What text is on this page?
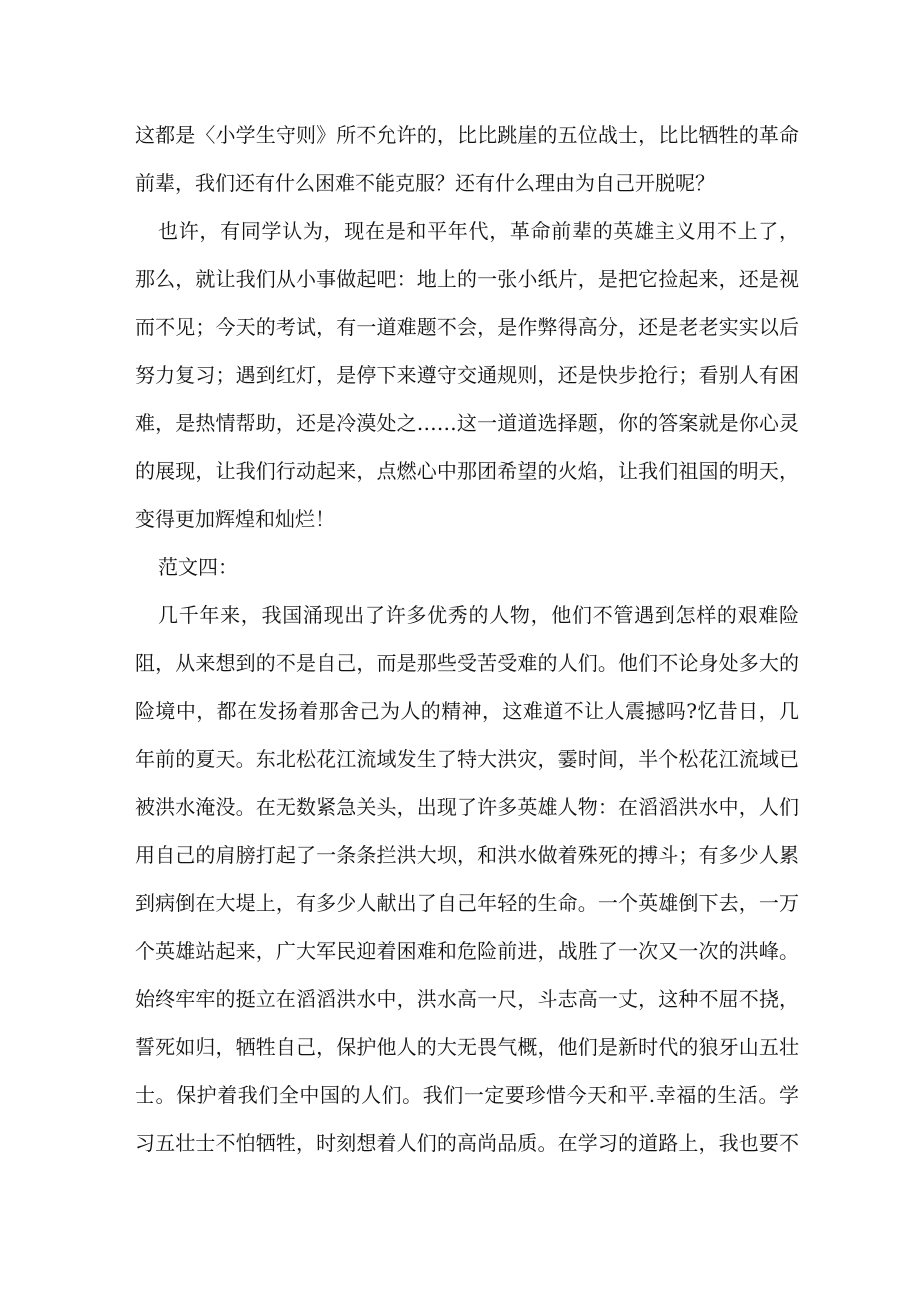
这都是〈小学生守则》所不允许的，比比跳崖的五位战士，比比牺牲的革命
前辈，我们还有什么困难不能克服？还有什么理由为自己开脱呢？
也许，有同学认为，现在是和平年代，革命前辈的英雄主义用不上了，
那么，就让我们从小事做起吧：地上的一张小纸片，是把它捡起来，还是视
而不见；今天的考试，有一道难题不会，是作弊得高分，还是老老实实以后
努力复习；遇到红灯，是停下来遵守交通规则，还是快步抢行；看别人有困
难，是热情帮助，还是冷漠处之……这一道道选择题，你的答案就是你心灵
的展现，让我们行动起来，点燃心中那团希望的火焰，让我们祖国的明天，
变得更加辉煌和灿烂！
范文四：
几千年来，我国涌现出了许多优秀的人物，他们不管遇到怎样的艰难险
阻，从来想到的不是自己，而是那些受苦受难的人们。他们不论身处多大的
险境中，都在发扬着那舍己为人的精神，这难道不让人震撼吗?忆昔日，几
年前的夏天。东北松花江流域发生了特大洪灾，霎时间，半个松花江流域已
被洪水淹没。在无数紧急关头，出现了许多英雄人物：在滔滔洪水中，人们
用自己的肩膀打起了一条条拦洪大坝，和洪水做着殊死的搏斗；有多少人累
到病倒在大堤上，有多少人献出了自己年轻的生命。一个英雄倒下去，一万
个英雄站起来，广大军民迎着困难和危险前进，战胜了一次又一次的洪峰。
始终牢牢的挺立在滔滔洪水中，洪水高一尺，斗志高一丈，这种不屈不挠，
誓死如归，牺牲自己，保护他人的大无畏气概，他们是新时代的狼牙山五壮
士。保护着我们全中国的人们。我们一定要珍惜今天和平.幸福的生活。学
习五壮士不怕牺牲，时刻想着人们的高尚品质。在学习的道路上，我也要不
